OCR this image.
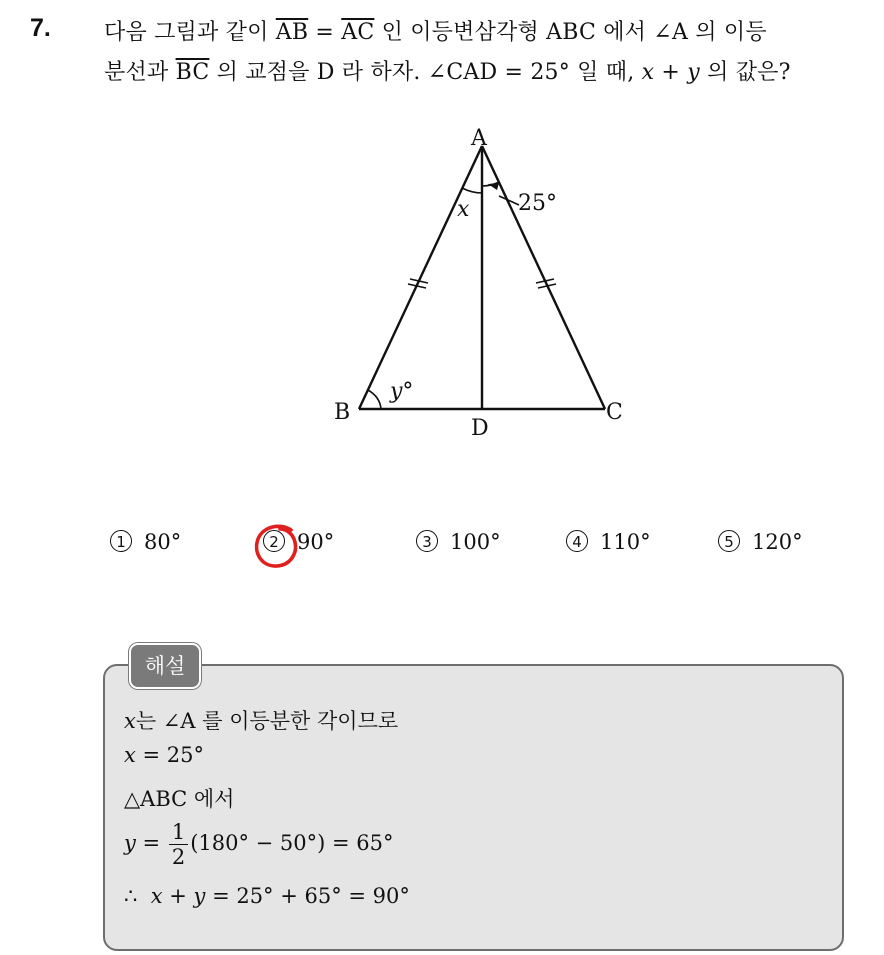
7. 다음 그림과 같이 $\overline{AB} = \overline{AC}$ 인 이등변삼각형 ABC 에서 ∠A 의 이등
분선과 $\overline{BC}$ 의 교점을 D 라 하자. ∠CAD = 25° 일 때, x + y 의 값은?
A
B	C
D
x
y°
25°
1 80°	2 90°	3 100°	4 110°	5 120°
해설
x는 ∠A 를 이등분한 각이므로
x = 25°
△ABC 에서
$y = \frac{1}{2} (180^\circ - 50^\circ) = 65^\circ$
∴ x + y = 25° + 65° = 90°
